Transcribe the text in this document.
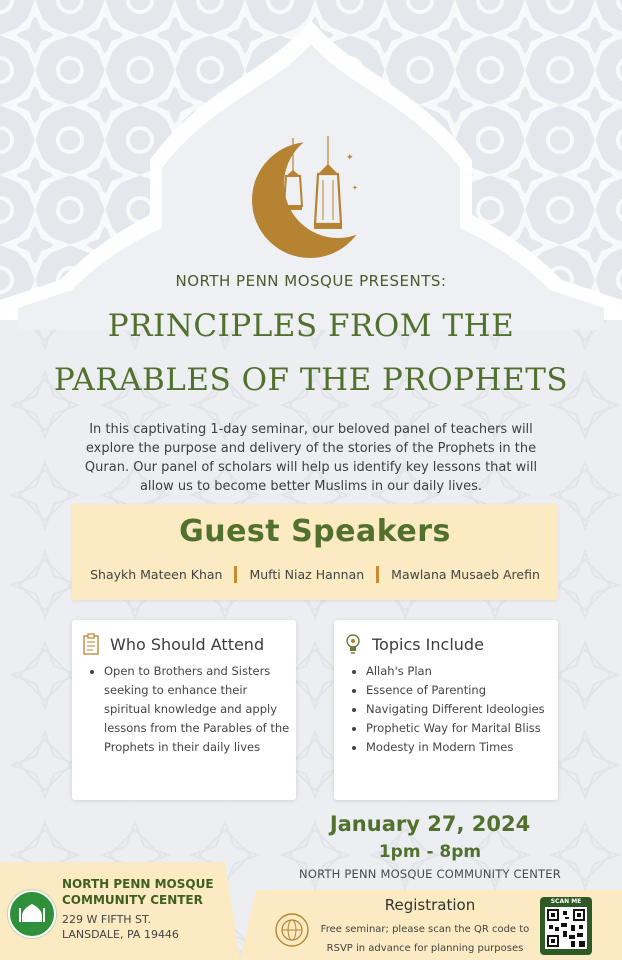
✦
✦
NORTH PENN MOSQUE PRESENTS:
PRINCIPLES FROM THE
PARABLES OF THE PROPHETS
In this captivating 1-day seminar, our beloved panel of teachers will explore the purpose and delivery of the stories of the Prophets in the Quran. Our panel of scholars will help us identify key lessons that will allow us to become better Muslims in our daily lives.
Guest Speakers
Shaykh Mateen Khan Mufti Niaz Hannan Mawlana Musaeb Arefin
Who Should Attend
• Open to Brothers and Sisters seeking to enhance their spiritual knowledge and apply lessons from the Parables of the Prophets in their daily lives
Topics Include
• Allah's Plan
• Essence of Parenting
• Navigating Different Ideologies
• Prophetic Way for Marital Bliss
• Modesty in Modern Times
January 27, 2024
1pm - 8pm
NORTH PENN MOSQUE COMMUNITY CENTER
NORTH PENN MOSQUE
COMMUNITY CENTER
229 W FIFTH ST.
LANSDALE, PA 19446
Registration
Free seminar; please scan the QR code to
RSVP in advance for planning purposes
SCAN ME
